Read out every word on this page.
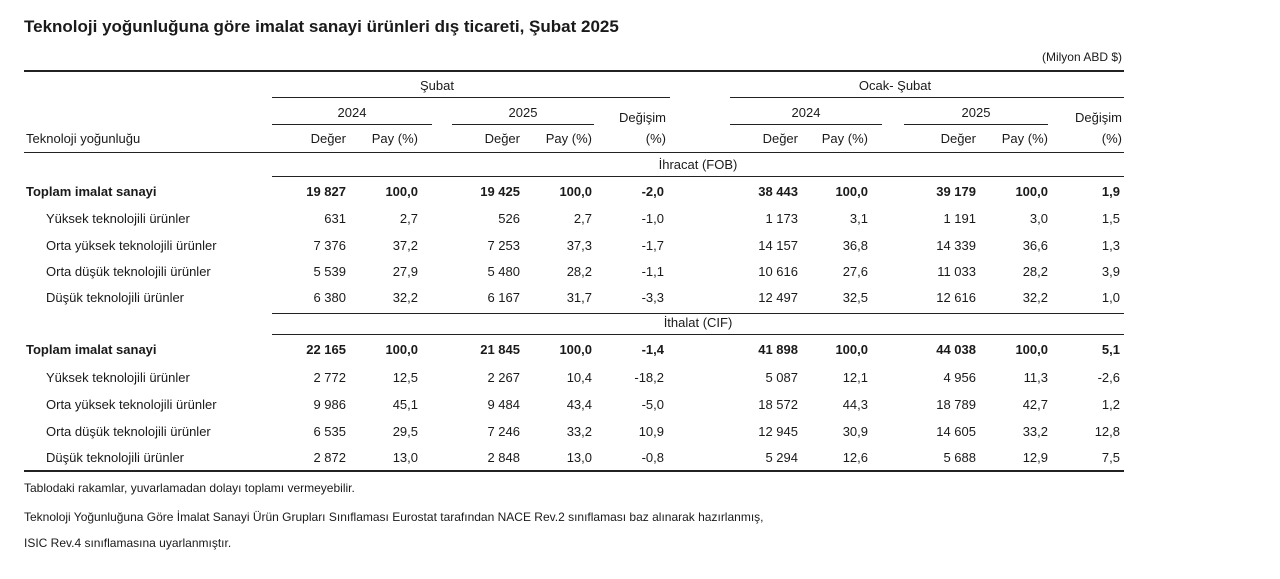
Teknoloji yoğunluğuna göre imalat sanayi ürünleri dış ticareti, Şubat 2025
(Milyon ABD $)
Şubat	Ocak- Şubat
2024	2025	2024	2025
Değişim
(%)
Değişim
(%)
Teknoloji yoğunluğu	Değer	Pay (%)	Değer	Pay (%)	Değer	Pay (%)	Değer	Pay (%)
İhracat (FOB)
Toplam imalat sanayi	19 827	100,0	19 425	100,0	-2,0	38 443	100,0	39 179	100,0	1,9
Yüksek teknolojili ürünler	631	2,7	526	2,7	-1,0	1 173	3,1	1 191	3,0	1,5
Orta yüksek teknolojili ürünler	7 376	37,2	7 253	37,3	-1,7	14 157	36,8	14 339	36,6	1,3
Orta düşük teknolojili ürünler	5 539	27,9	5 480	28,2	-1,1	10 616	27,6	11 033	28,2	3,9
Düşük teknolojili ürünler	6 380	32,2	6 167	31,7	-3,3	12 497	32,5	12 616	32,2	1,0
İthalat (CIF)
Toplam imalat sanayi	22 165	100,0	21 845	100,0	-1,4	41 898	100,0	44 038	100,0	5,1
Yüksek teknolojili ürünler	2 772	12,5	2 267	10,4	-18,2	5 087	12,1	4 956	11,3	-2,6
Orta yüksek teknolojili ürünler	9 986	45,1	9 484	43,4	-5,0	18 572	44,3	18 789	42,7	1,2
Orta düşük teknolojili ürünler	6 535	29,5	7 246	33,2	10,9	12 945	30,9	14 605	33,2	12,8
Düşük teknolojili ürünler	2 872	13,0	2 848	13,0	-0,8	5 294	12,6	5 688	12,9	7,5
Tablodaki rakamlar, yuvarlamadan dolayı toplamı vermeyebilir.
Teknoloji Yoğunluğuna Göre İmalat Sanayi Ürün Grupları Sınıflaması Eurostat tarafından NACE Rev.2 sınıflaması baz alınarak hazırlanmış,
ISIC Rev.4 sınıflamasına uyarlanmıştır.
